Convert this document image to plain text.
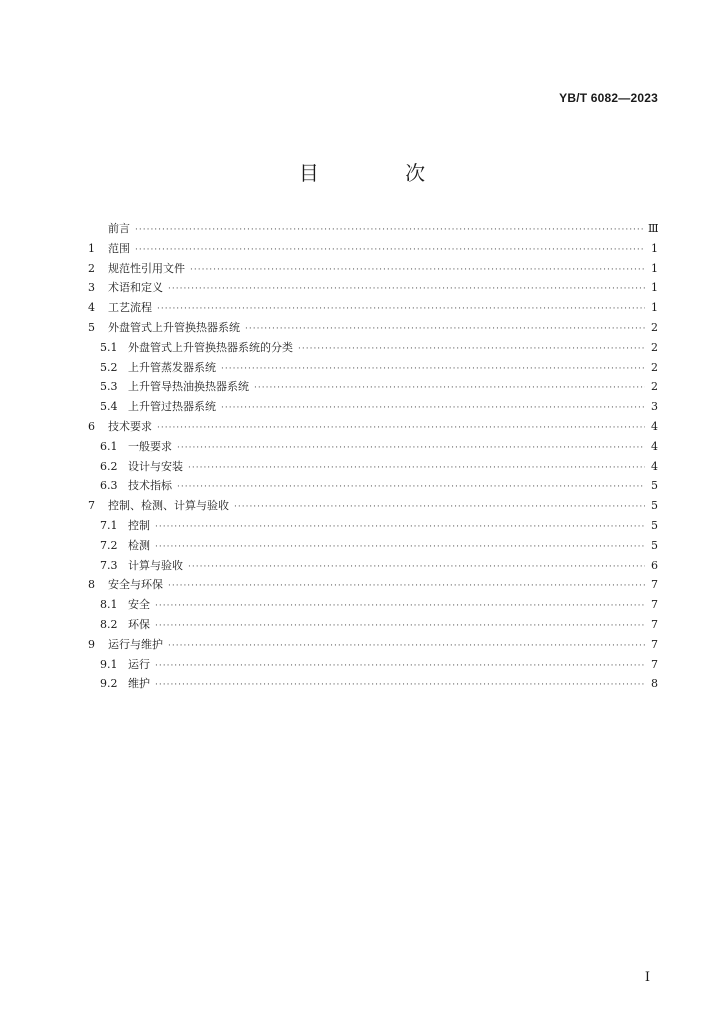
YB/T 6082—2023
目 次
前言 ·····	Ⅲ
1	范围 ·····	1
2	规范性引用文件 ·····	1
3	术语和定义 ·····	1
4	工艺流程 ·····	1
5	外盘管式上升管换热器系统 ·····	2
5.1 外盘管式上升管换热器系统的分类 ·····	2
5.2 上升管蒸发器系统 ·····	2
5.3 上升管导热油换热器系统 ·····	2
5.4 上升管过热器系统 ·····	3
6	技术要求 ·····	4
6.1 一般要求 ·····	4
6.2 设计与安装 ·····	4
6.3 技术指标 ·····	5
7	控制、检测、计算与验收 ·····	5
7.1 控制 ·····	5
7.2 检测 ·····	5
7.3 计算与验收 ·····	6
8	安全与环保 ·····	7
8.1 安全 ·····	7
8.2 环保 ·····	7
9	运行与维护 ·····	7
9.1 运行 ·····	7
9.2 维护 ·····	8
I
